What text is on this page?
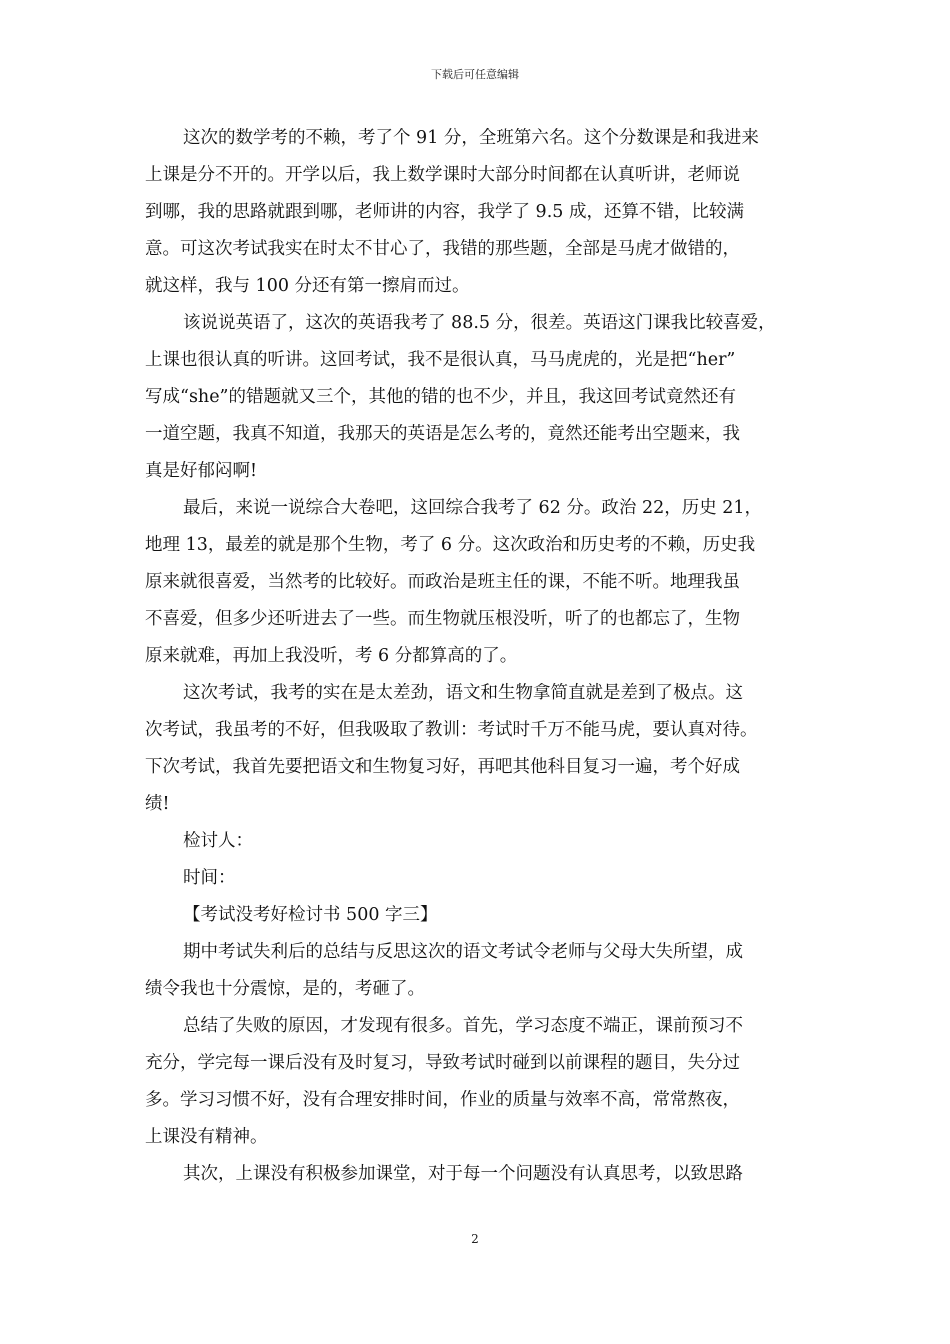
下载后可任意编辑
这次的数学考的不赖，考了个 91 分，全班第六名。这个分数课是和我进来
上课是分不开的。开学以后，我上数学课时大部分时间都在认真听讲，老师说
到哪，我的思路就跟到哪，老师讲的内容，我学了 9.5 成，还算不错，比较满
意。可这次考试我实在时太不甘心了，我错的那些题，全部是马虎才做错的，
就这样，我与 100 分还有第一擦肩而过。
该说说英语了，这次的英语我考了 88.5 分，很差。英语这门课我比较喜爱，
上课也很认真的听讲。这回考试，我不是很认真，马马虎虎的，光是把“her”
写成“she”的错题就又三个，其他的错的也不少，并且，我这回考试竟然还有
一道空题，我真不知道，我那天的英语是怎么考的，竟然还能考出空题来，我
真是好郁闷啊!
最后，来说一说综合大卷吧，这回综合我考了 62 分。政治 22，历史 21，
地理 13，最差的就是那个生物，考了 6 分。这次政治和历史考的不赖，历史我
原来就很喜爱，当然考的比较好。而政治是班主任的课，不能不听。地理我虽
不喜爱，但多少还听进去了一些。而生物就压根没听，听了的也都忘了，生物
原来就难，再加上我没听，考 6 分都算高的了。
这次考试，我考的实在是太差劲，语文和生物拿简直就是差到了极点。这
次考试，我虽考的不好，但我吸取了教训：考试时千万不能马虎，要认真对待。
下次考试，我首先要把语文和生物复习好，再吧其他科目复习一遍，考个好成
绩!
检讨人：
时间：
【考试没考好检讨书 500 字三】
期中考试失利后的总结与反思这次的语文考试令老师与父母大失所望，成
绩令我也十分震惊，是的，考砸了。
总结了失败的原因，才发现有很多。首先，学习态度不端正，课前预习不
充分，学完每一课后没有及时复习，导致考试时碰到以前课程的题目，失分过
多。学习习惯不好，没有合理安排时间，作业的质量与效率不高，常常熬夜，
上课没有精神。
其次，上课没有积极参加课堂，对于每一个问题没有认真思考，以致思路
2
